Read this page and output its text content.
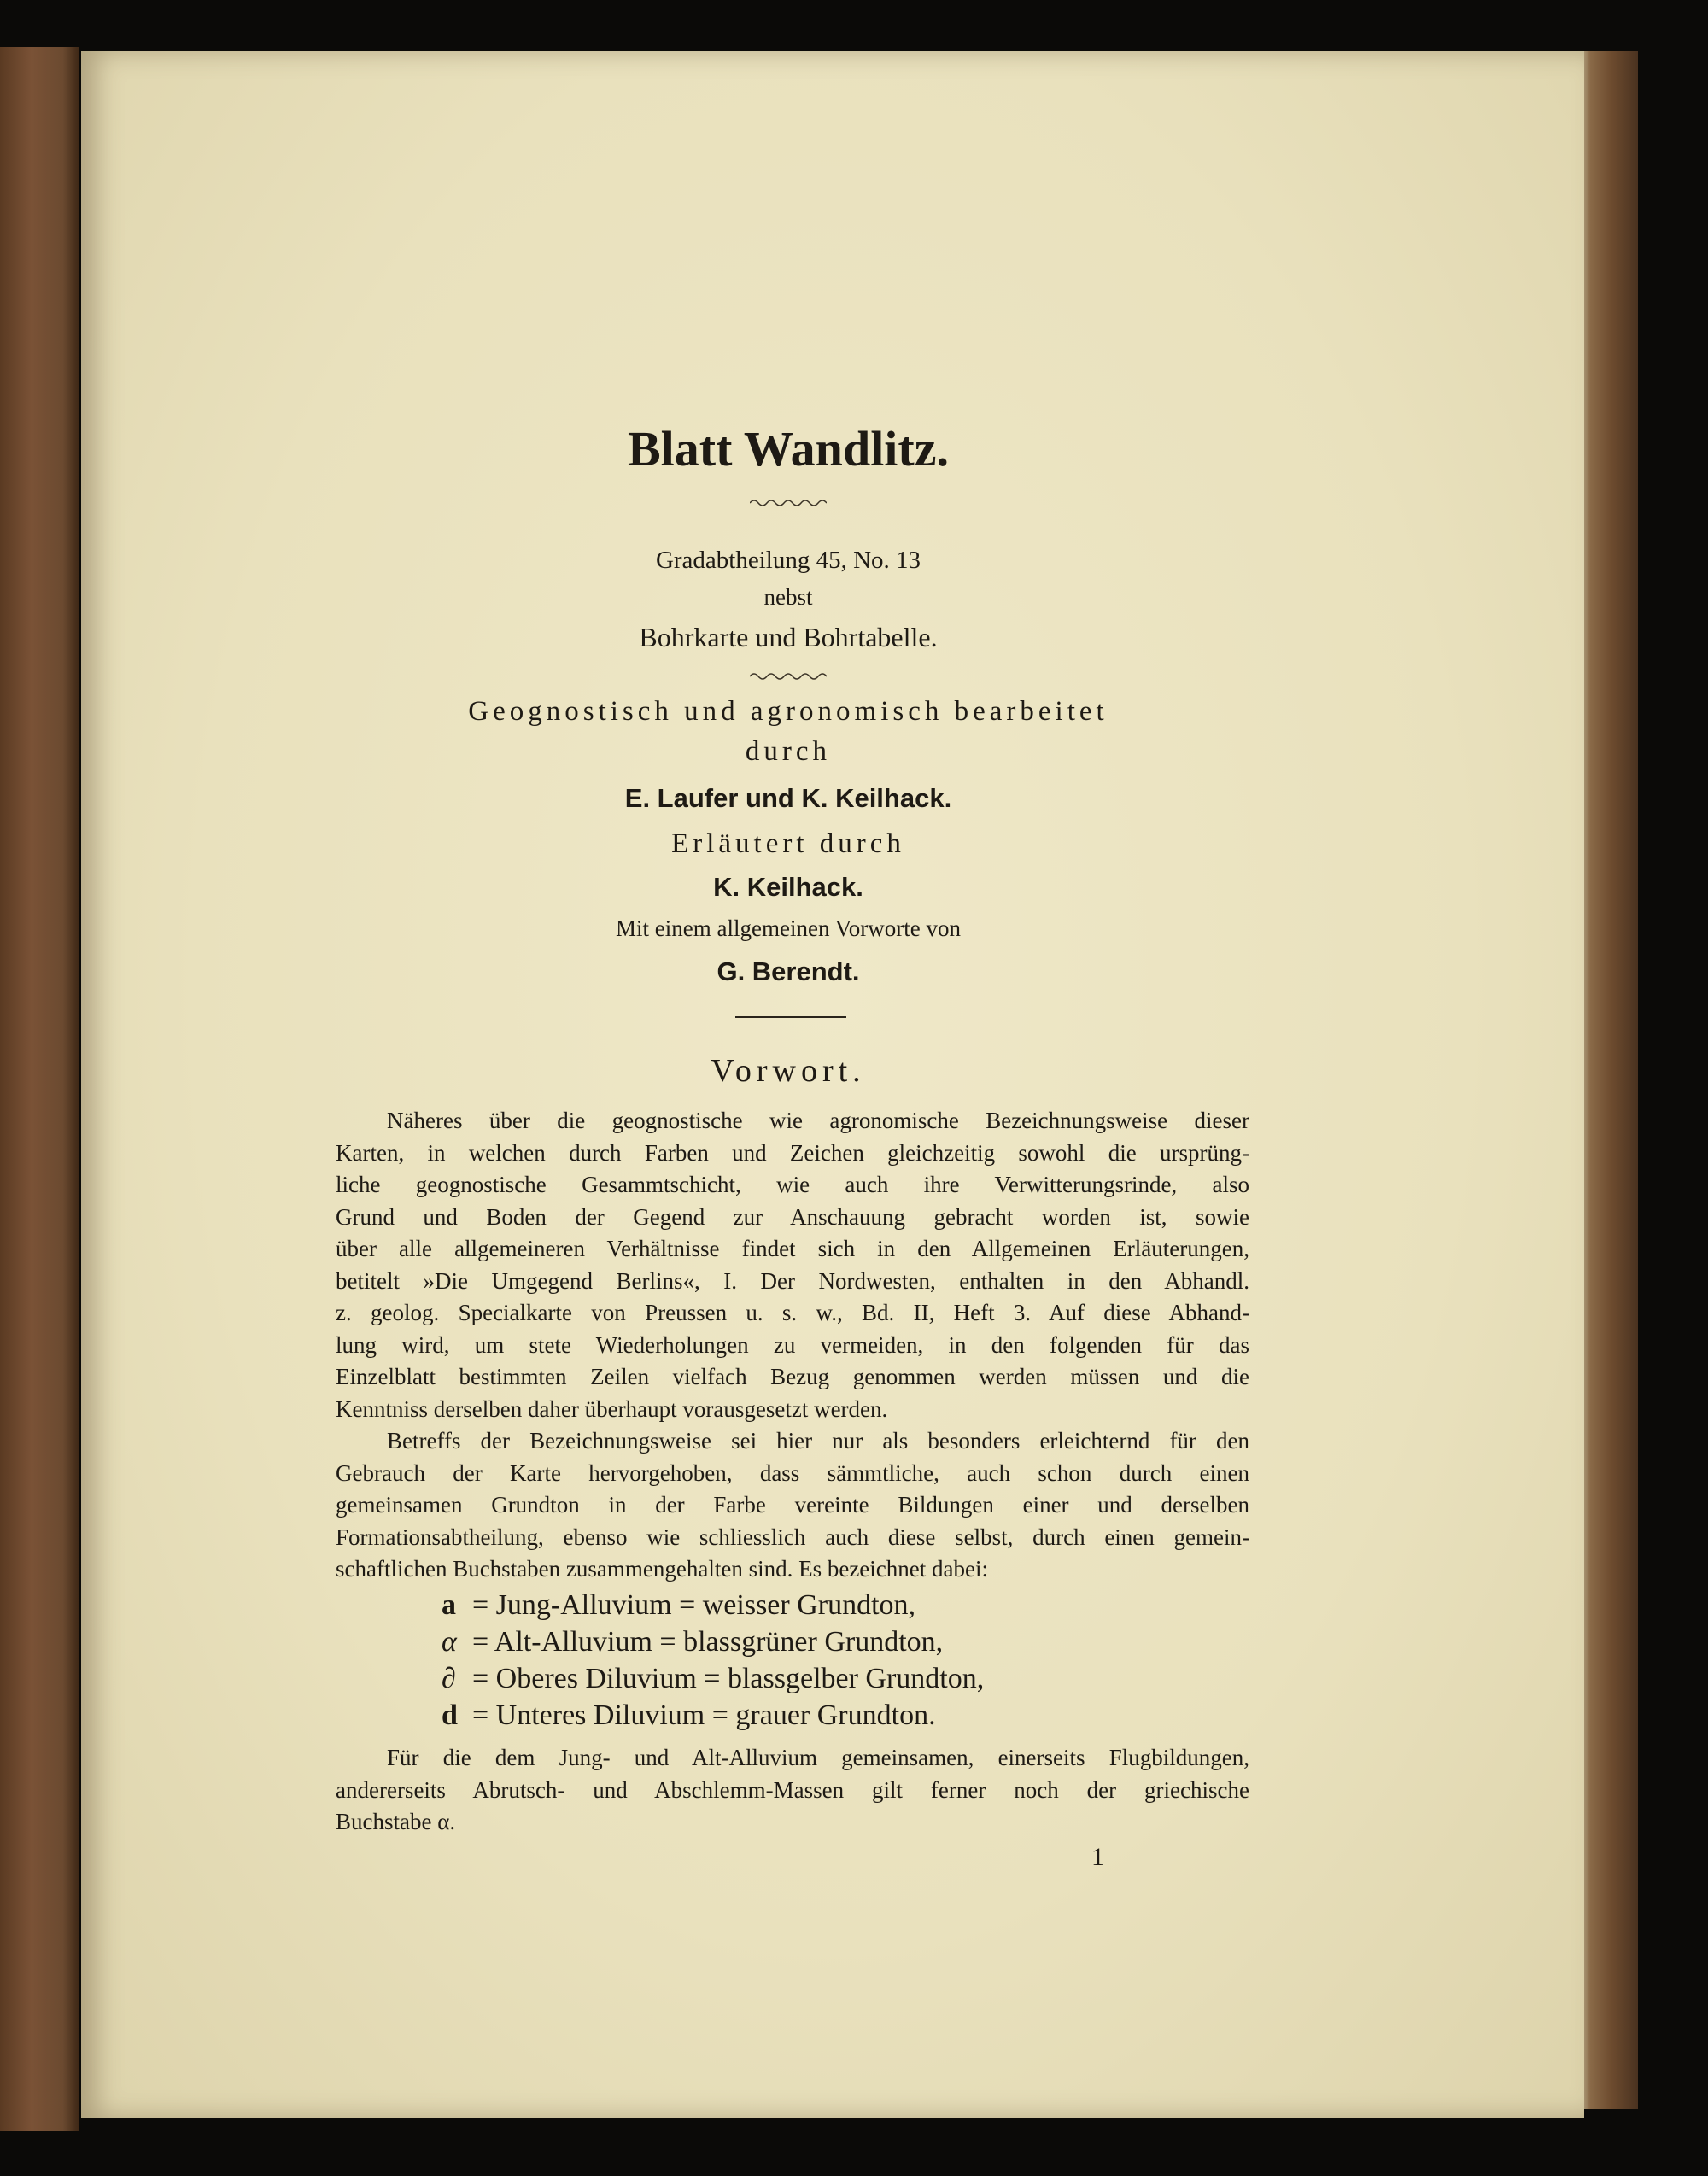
Blatt Wandlitz.
Gradabtheilung 45, No. 13
nebst
Bohrkarte und Bohrtabelle.
Geognostisch und agronomisch bearbeitet
durch
E. Laufer und K. Keilhack.
Erläutert durch
K. Keilhack.
Mit einem allgemeinen Vorworte von
G. Berendt.
Vorwort.
Näheres über die geognostische wie agronomische Bezeichnungsweise dieser
Karten, in welchen durch Farben und Zeichen gleichzeitig sowohl die ursprüng-
liche geognostische Gesammtschicht, wie auch ihre Verwitterungsrinde, also
Grund und Boden der Gegend zur Anschauung gebracht worden ist, sowie
über alle allgemeineren Verhältnisse findet sich in den Allgemeinen Erläuterungen,
betitelt »Die Umgegend Berlins«, I. Der Nordwesten, enthalten in den Abhandl.
z. geolog. Specialkarte von Preussen u. s. w., Bd. II, Heft 3. Auf diese Abhand-
lung wird, um stete Wiederholungen zu vermeiden, in den folgenden für das
Einzelblatt bestimmten Zeilen vielfach Bezug genommen werden müssen und die
Kenntniss derselben daher überhaupt vorausgesetzt werden.
Betreffs der Bezeichnungsweise sei hier nur als besonders erleichternd für den
Gebrauch der Karte hervorgehoben, dass sämmtliche, auch schon durch einen
gemeinsamen Grundton in der Farbe vereinte Bildungen einer und derselben
Formationsabtheilung, ebenso wie schliesslich auch diese selbst, durch einen gemein-
schaftlichen Buchstaben zusammengehalten sind. Es bezeichnet dabei:
a = Jung-Alluvium = weisser Grundton,
α = Alt-Alluvium = blassgrüner Grundton,
∂ = Oberes Diluvium = blassgelber Grundton,
d = Unteres Diluvium = grauer Grundton.
Für die dem Jung- und Alt-Alluvium gemeinsamen, einerseits Flugbildungen,
andererseits Abrutsch- und Abschlemm-Massen gilt ferner noch der griechische
Buchstabe α.
1
